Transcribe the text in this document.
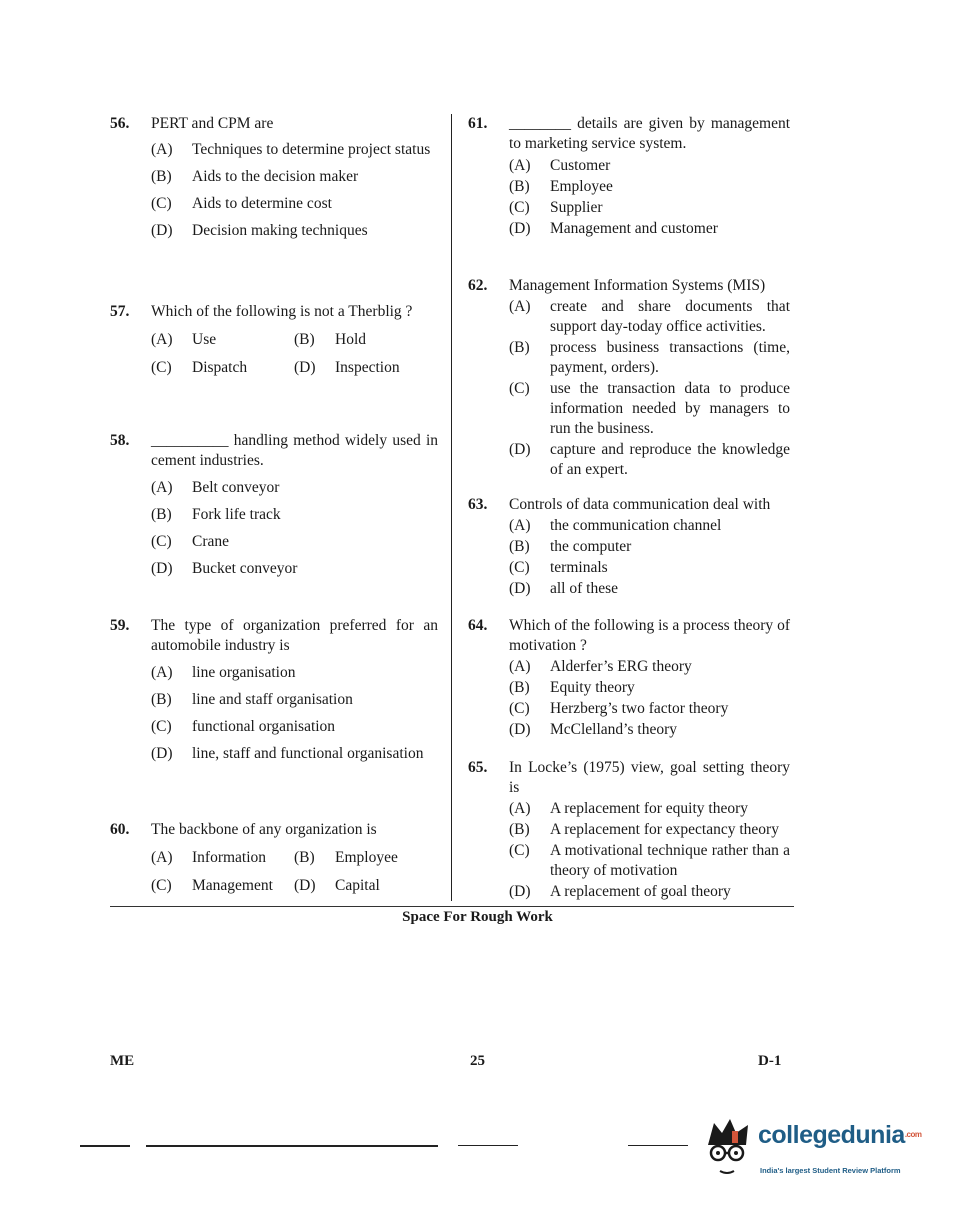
56.	PERT and CPM are
(A) Techniques to determine project status
(B) Aids to the decision maker
(C) Aids to determine cost
(D) Decision making techniques
57.	Which of the following is not a Therblig ?
(A)	Use	(B)	Hold
(C)	Dispatch	(D)	Inspection
58.	__________ handling method widely used in cement industries.
(A) Belt conveyor
(B) Fork life track
(C) Crane
(D) Bucket conveyor
59.	The type of organization preferred for an automobile industry is
(A) line organisation
(B) line and staff organisation
(C) functional organisation
(D) line, staff and functional organisation
60.	The backbone of any organization is
(A)	Information (B)	Employee
(C)	Management (D)	Capital
61.	________ details are given by management to marketing service system.
(A) Customer
(B) Employee
(C) Supplier
(D) Management and customer
62.	Management Information Systems (MIS)
(A) create and share documents that support day-today office activities.
(B) process business transactions (time, payment, orders).
(C) use the transaction data to produce information needed by managers to run the business.
(D) capture and reproduce the knowledge of an expert.
63.	Controls of data communication deal with
(A) the communication channel
(B) the computer
(C) terminals
(D) all of these
64.	Which of the following is a process theory of motivation ?
(A) Alderfer’s ERG theory
(B) Equity theory
(C) Herzberg’s two factor theory
(D) McClelland’s theory
65.	In Locke’s (1975) view, goal setting theory is
(A) A replacement for equity theory
(B) A replacement for expectancy theory
(C) A motivational technique rather than a theory of motivation
(D) A replacement of goal theory
Space For Rough Work
ME	25	D-1
collegedunia$^{.com}$
India's largest Student Review Platform
